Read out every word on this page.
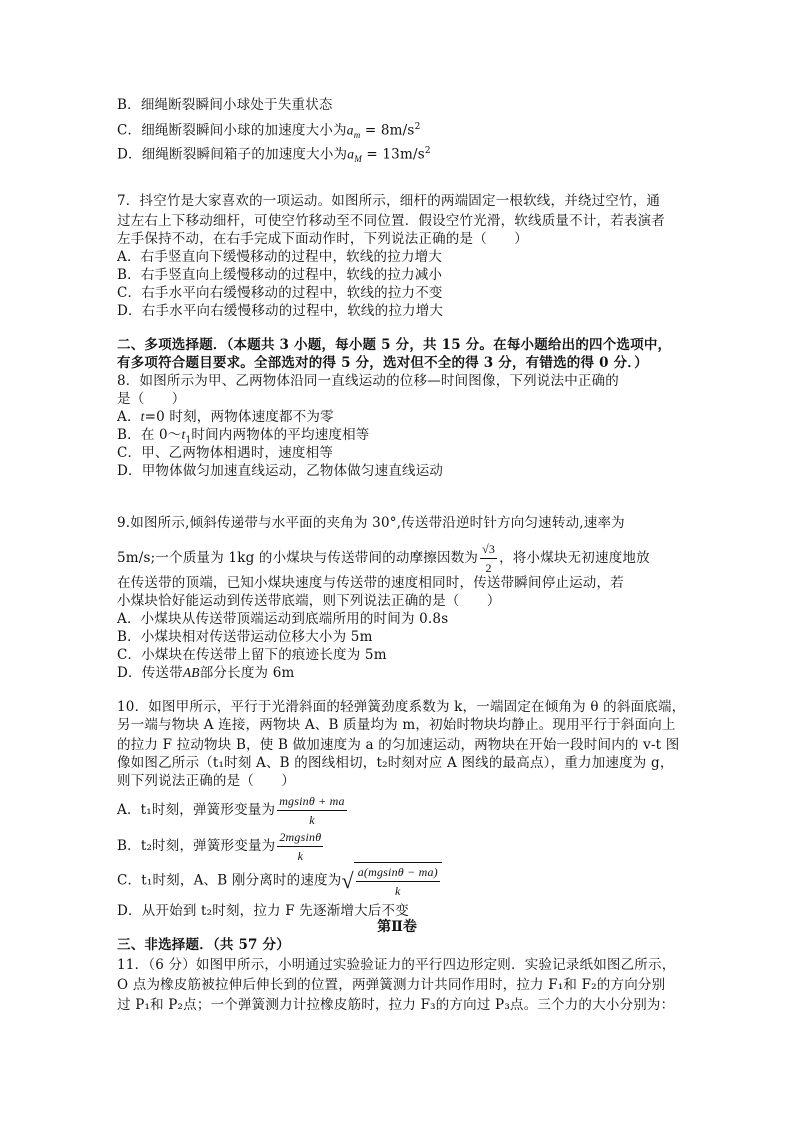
B．细绳断裂瞬间小球处于失重状态
C．细绳断裂瞬间小球的加速度大小为$a_m = 8m/s^2$
D．细绳断裂瞬间箱子的加速度大小为$a_M = 13m/s^2$
7．抖空竹是大家喜欢的一项运动。如图所示，细杆的两端固定一根软线，并绕过空竹，通
过左右上下移动细杆，可使空竹移动至不同位置．假设空竹光滑，软线质量不计，若表演者
左手保持不动，在右手完成下面动作时，下列说法正确的是（　　）
A．右手竖直向下缓慢移动的过程中，软线的拉力增大
B．右手竖直向上缓慢移动的过程中，软线的拉力减小
C．右手水平向右缓慢移动的过程中，软线的拉力不变
D．右手水平向右缓慢移动的过程中，软线的拉力增大
二、多项选择题．（本题共 3 小题，每小题 5 分，共 15 分。在每小题给出的四个选项中，
有多项符合题目要求。全部选对的得 5 分，选对但不全的得 3 分，有错选的得 0 分．）
8．如图所示为甲、乙两物体沿同一直线运动的位移—时间图像，下列说法中正确的
是（　　）
A．t=0 时刻，两物体速度都不为零
B．在 $0\sim t_1$时间内两物体的平均速度相等
C．甲、乙两物体相遇时，速度相等
D．甲物体做匀加速直线运动，乙物体做匀速直线运动
9.如图所示,倾斜传递带与水平面的夹角为 30°,传送带沿逆时针方向匀速转动,速率为
5m/s;一个质量为 1kg 的小煤块与传送带间的动摩擦因数为 $\frac{√3}{2}$ ，将小煤块无初速度地放
在传送带的顶端，已知小煤块速度与传送带的速度相同时，传送带瞬间停止运动，若
小煤块恰好能运动到传送带底端，则下列说法正确的是（　　）
A．小煤块从传送带顶端运动到底端所用的时间为 0.8s
B．小煤块相对传送带运动位移大小为 5m
C．小煤块在传送带上留下的痕迹长度为 5m
D．传送带AB部分长度为 6m
10．如图甲所示，平行于光滑斜面的轻弹簧劲度系数为 k，一端固定在倾角为 θ 的斜面底端，
另一端与物块 A 连接，两物块 A、B 质量均为 m，初始时物块均静止。现用平行于斜面向上
的拉力 F 拉动物块 B，使 B 做加速度为 a 的匀加速运动，两物块在开始一段时间内的 v-t 图
像如图乙所示（t₁时刻 A、B 的图线相切，t₂时刻对应 A 图线的最高点），重力加速度为 g，
则下列说法正确的是（　　）
A．t₁时刻，弹簧形变量为 $\frac{mgsin\theta + ma}{k}$
B．t₂时刻，弹簧形变量为 $\frac{2mgsin\theta}{k}$
C．t₁时刻，A、B 刚分离时的速度为√ $\frac{a(mgsin\theta - ma)}{k}$
D．从开始到 t₂时刻，拉力 F 先逐渐增大后不变
第Ⅱ卷
三、非选择题．（共 57 分）
11．（6 分）如图甲所示，小明通过实验验证力的平行四边形定则．实验记录纸如图乙所示，
O 点为橡皮筋被拉伸后伸长到的位置，两弹簧测力计共同作用时，拉力 F₁和 F₂的方向分别
过 P₁和 P₂点；一个弹簧测力计拉橡皮筋时，拉力 F₃的方向过 P₃点。三个力的大小分别为：
